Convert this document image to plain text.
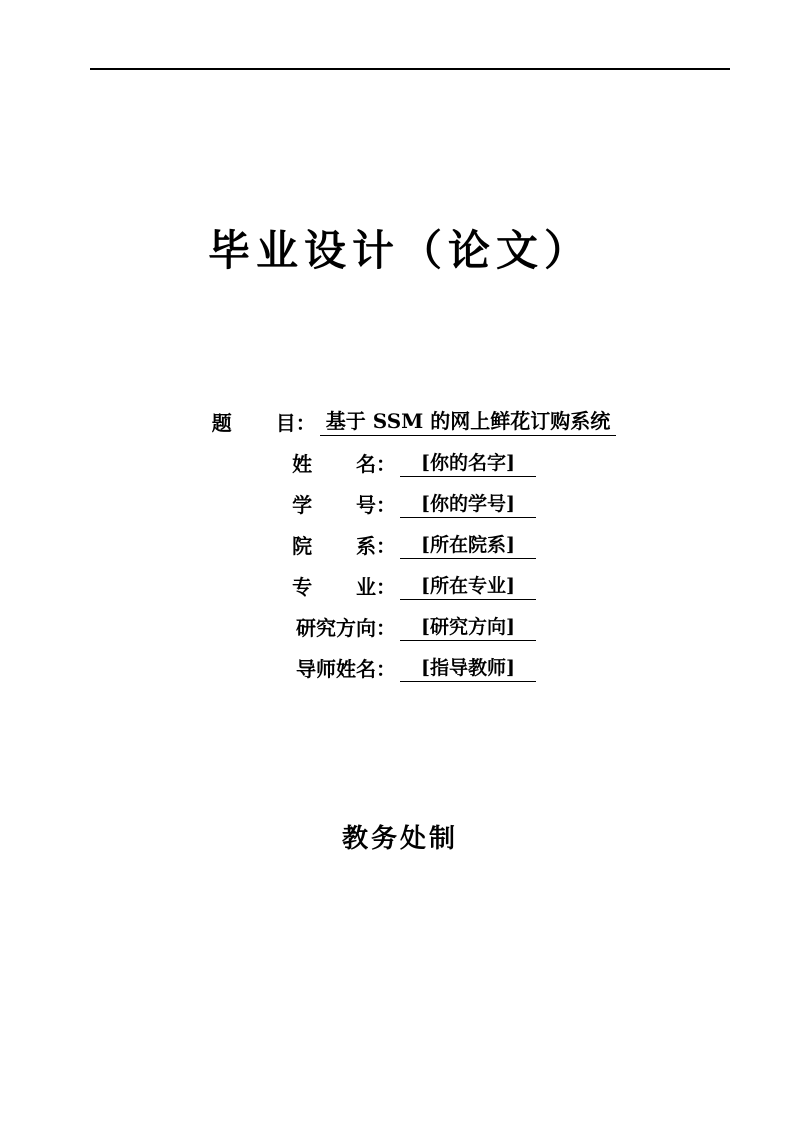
毕业设计（论文）
题 目： 基于 SSM 的网上鲜花订购系统
姓 名：	[你的名字]
学 号：	[你的学号]
院 系：	[所在院系]
专 业：	[所在专业]
研究方向：	[研究方向]
导师姓名：	[指导教师]
教务处制
